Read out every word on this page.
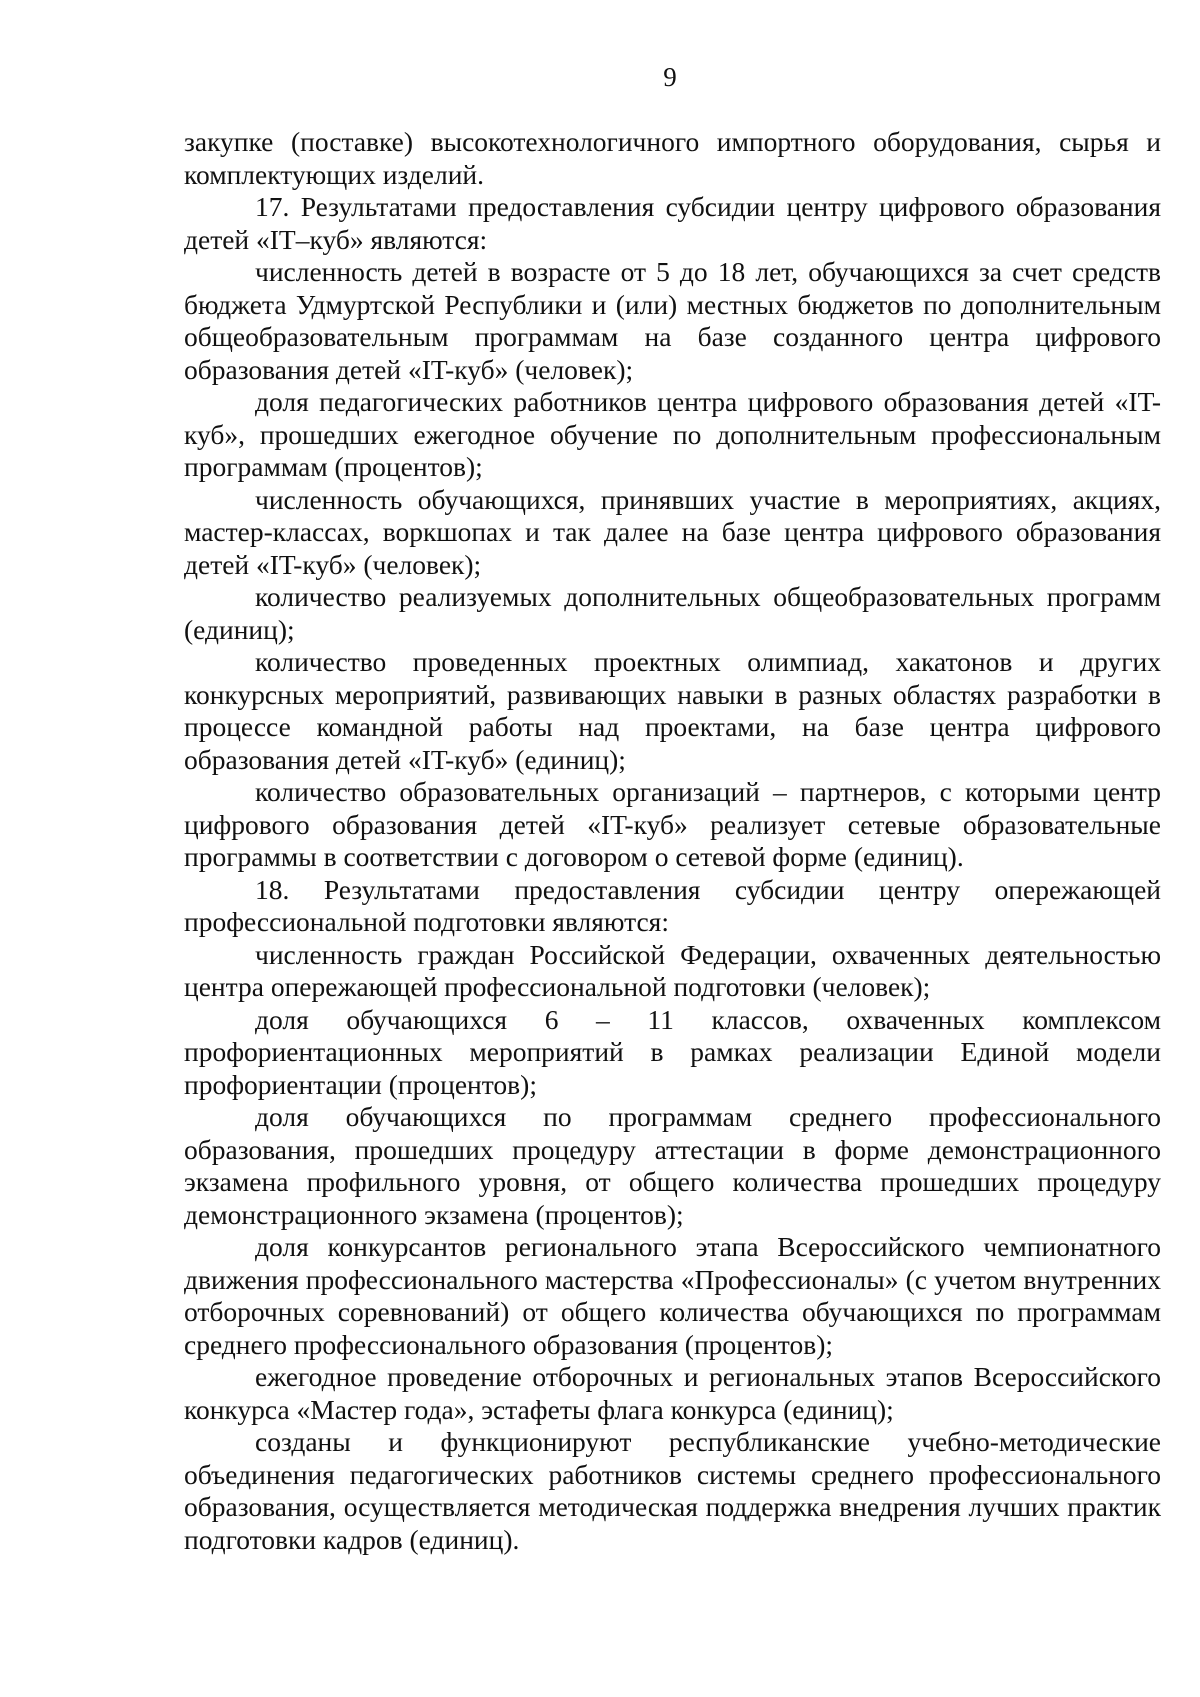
9

закупке (поставке) высокотехнологичного импортного оборудования, сырья и комплектующих изделий.

17. Результатами предоставления субсидии центру цифрового образования детей «IT–куб» являются:

численность детей в возрасте от 5 до 18 лет, обучающихся за счет средств бюджета Удмуртской Республики и (или) местных бюджетов по дополнительным общеобразовательным программам на базе созданного центра цифрового образования детей «IT-куб» (человек);

доля педагогических работников центра цифрового образования детей «IT-куб», прошедших ежегодное обучение по дополнительным профессиональным программам (процентов);

численность обучающихся, принявших участие в мероприятиях, акциях, мастер-классах, воркшопах и так далее на базе центра цифрового образования детей «IT-куб» (человек);

количество реализуемых дополнительных общеобразовательных программ (единиц);

количество проведенных проектных олимпиад, хакатонов и других конкурсных мероприятий, развивающих навыки в разных областях разработки в процессе командной работы над проектами, на базе центра цифрового образования детей «IT-куб» (единиц);

количество образовательных организаций – партнеров, с которыми центр цифрового образования детей «IT-куб» реализует сетевые образовательные программы в соответствии с договором о сетевой форме (единиц).

18. Результатами предоставления субсидии центру опережающей профессиональной подготовки являются:

численность граждан Российской Федерации, охваченных деятельностью центра опережающей профессиональной подготовки (человек);

доля обучающихся 6 – 11 классов, охваченных комплексом профориентационных мероприятий в рамках реализации Единой модели профориентации (процентов);

доля обучающихся по программам среднего профессионального образования, прошедших процедуру аттестации в форме демонстрационного экзамена профильного уровня, от общего количества прошедших процедуру демонстрационного экзамена (процентов);

доля конкурсантов регионального этапа Всероссийского чемпионатного движения профессионального мастерства «Профессионалы» (с учетом внутренних отборочных соревнований) от общего количества обучающихся по программам среднего профессионального образования (процентов);

ежегодное проведение отборочных и региональных этапов Всероссийского конкурса «Мастер года», эстафеты флага конкурса (единиц);

созданы и функционируют республиканские учебно-методические объединения педагогических работников системы среднего профессионального образования, осуществляется методическая поддержка внедрения лучших практик подготовки кадров (единиц).
